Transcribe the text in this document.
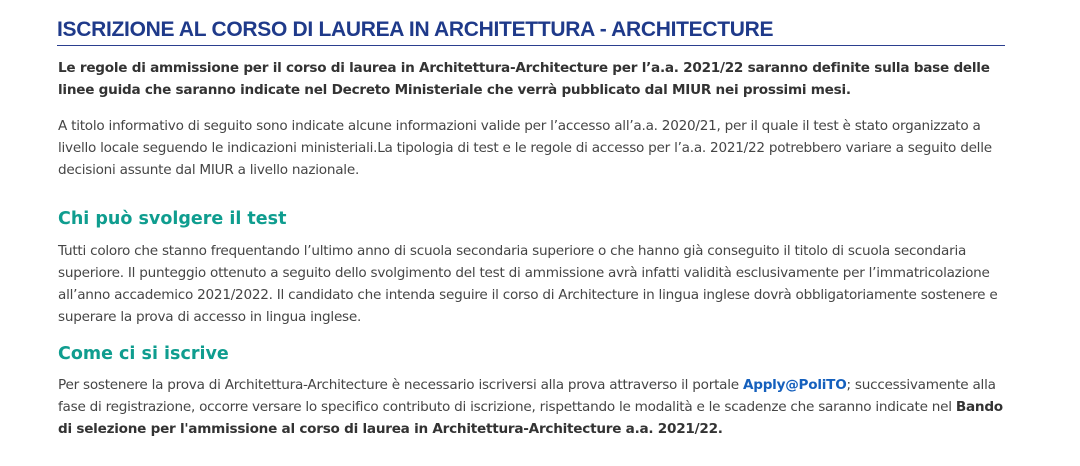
ISCRIZIONE AL CORSO DI LAUREA IN ARCHITETTURA - ARCHITECTURE

Le regole di ammissione per il corso di laurea in Architettura-Architecture per l’a.a. 2021/22 saranno definite sulla base delle linee guida che saranno indicate nel Decreto Ministeriale che verrà pubblicato dal MIUR nei prossimi mesi.

A titolo informativo di seguito sono indicate alcune informazioni valide per l’accesso all’a.a. 2020/21, per il quale il test è stato organizzato a livello locale seguendo le indicazioni ministeriali.La tipologia di test e le regole di accesso per l’a.a. 2021/22 potrebbero variare a seguito delle decisioni assunte dal MIUR a livello nazionale.

Chi può svolgere il test

Tutti coloro che stanno frequentando l’ultimo anno di scuola secondaria superiore o che hanno già conseguito il titolo di scuola secondaria superiore. Il punteggio ottenuto a seguito dello svolgimento del test di ammissione avrà infatti validità esclusivamente per l’immatricolazione all’anno accademico 2021/2022. Il candidato che intenda seguire il corso di Architecture in lingua inglese dovrà obbligatoriamente sostenere e superare la prova di accesso in lingua inglese.

Come ci si iscrive

Per sostenere la prova di Architettura-Architecture è necessario iscriversi alla prova attraverso il portale Apply@PoliTO; successivamente alla fase di registrazione, occorre versare lo specifico contributo di iscrizione, rispettando le modalità e le scadenze che saranno indicate nel Bando di selezione per l'ammissione al corso di laurea in Architettura-Architecture a.a. 2021/22.
